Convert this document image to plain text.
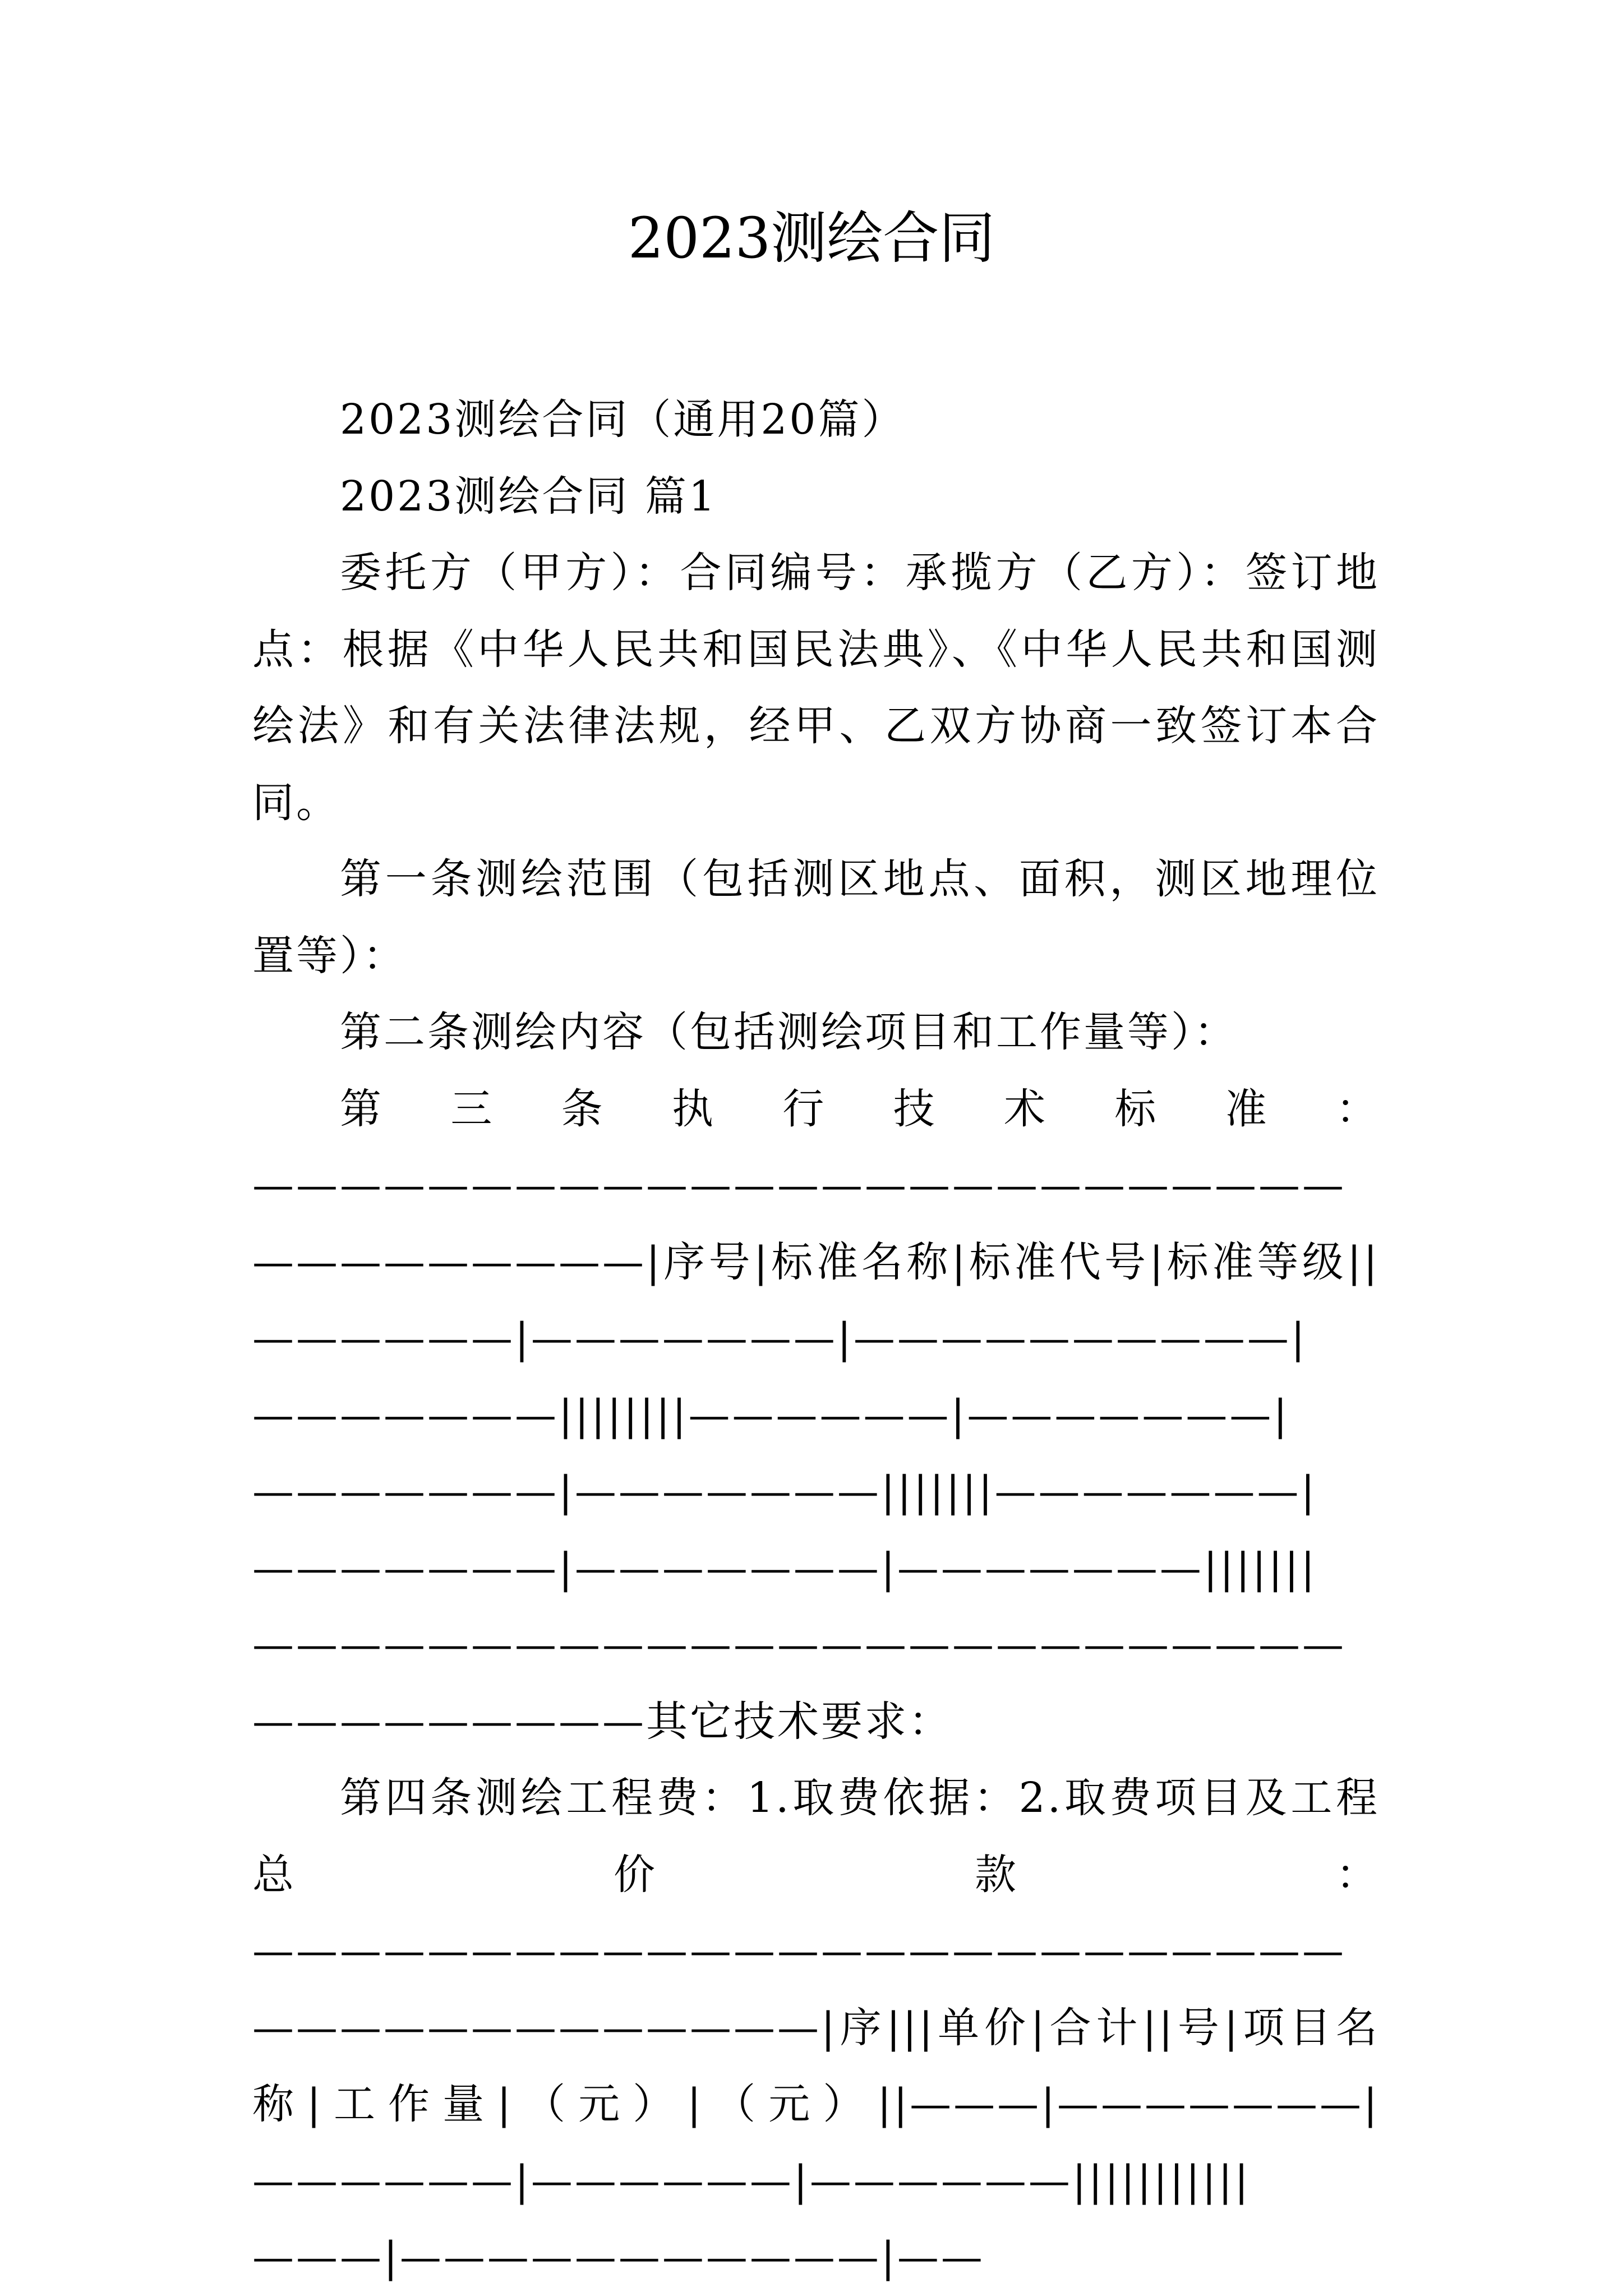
2023测绘合同

2023测绘合同（通用20篇）

2023测绘合同 篇1

委托方（甲方）：合同编号：承揽方（乙方）：签订地点：根据《中华人民共和国民法典》、《中华人民共和国测绘法》和有关法律法规，经甲、乙双方协商一致签订本合同。

第一条测绘范围（包括测区地点、面积，测区地理位置等）：

第二条测绘内容（包括测绘项目和工作量等）：

第三条执行技术标准：——————————————————————————————————|序号|标准名称|标准代号|标准等级||——————|———————|——————————|———————||||||||——————|———————|———————|———————|||||||———————|———————|———————|———————|||||||——————————————————————————————————其它技术要求：

第四条测绘工程费：1.取费依据：2.取费项目及工程总价款：——————————————————————————————————————|序|||单价|合计||号|项目名称|工作量|（元）|（元）||———|———————|——————|——————|——————|||||||||||———|———————————|——
